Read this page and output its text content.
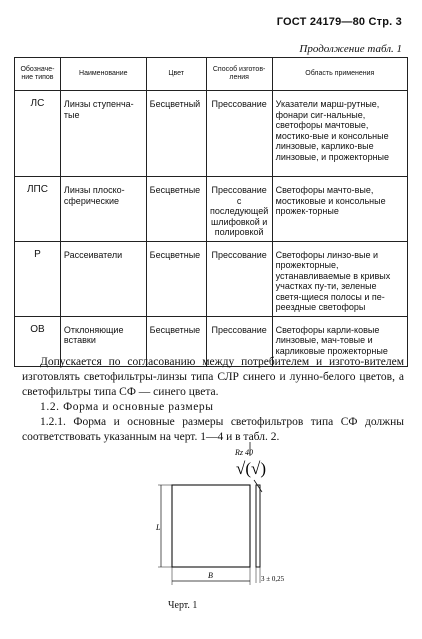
ГОСТ 24179—80 Стр. 3
Продолжение табл. 1
Обозначе-ние типов	Наименование	Цвет	Способ изготов-ления	Область применения
ЛС	Линзы ступенча-тые	Бесцветный	Прессование	Указатели марш-рутные, фонари сиг-нальные, светофоры мачтовые, мостико-вые и консольные линзовые, карлико-вые линзовые, и прожекторные
ЛПС	Линзы плоско-сферические	Бесцветные	Прессование с последующей шлифовкой и полировкой	Светофоры мачто-вые, мостиковые и консольные прожек-торные
Р	Рассеиватели	Бесцветные	Прессование	Светофоры линзо-вые и прожекторные, устанавливаемые в кривых участках пу-ти, зеленые светя-щиеся полосы и пе-реездные светофоры
ОВ	Отклоняющие вставки	Бесцветные	Прессование	Светофоры карли-ковые линзовые, мач-товые и карликовые прожекторные
Допускается по согласованию между потребителем и изгото-вителем изготовлять светофильтры-линзы типа СЛР синего и лунно-белого цветов, а светофильтры типа СФ — синего цвета.
1.2. Форма и основные размеры
1.2.1. Форма и основные размеры светофильтров типа СФ должны соответствовать указанным на черт. 1—4 и в табл. 2.
Rz 40
√(√)
L
B	3 ± 0,25
Черт. 1
